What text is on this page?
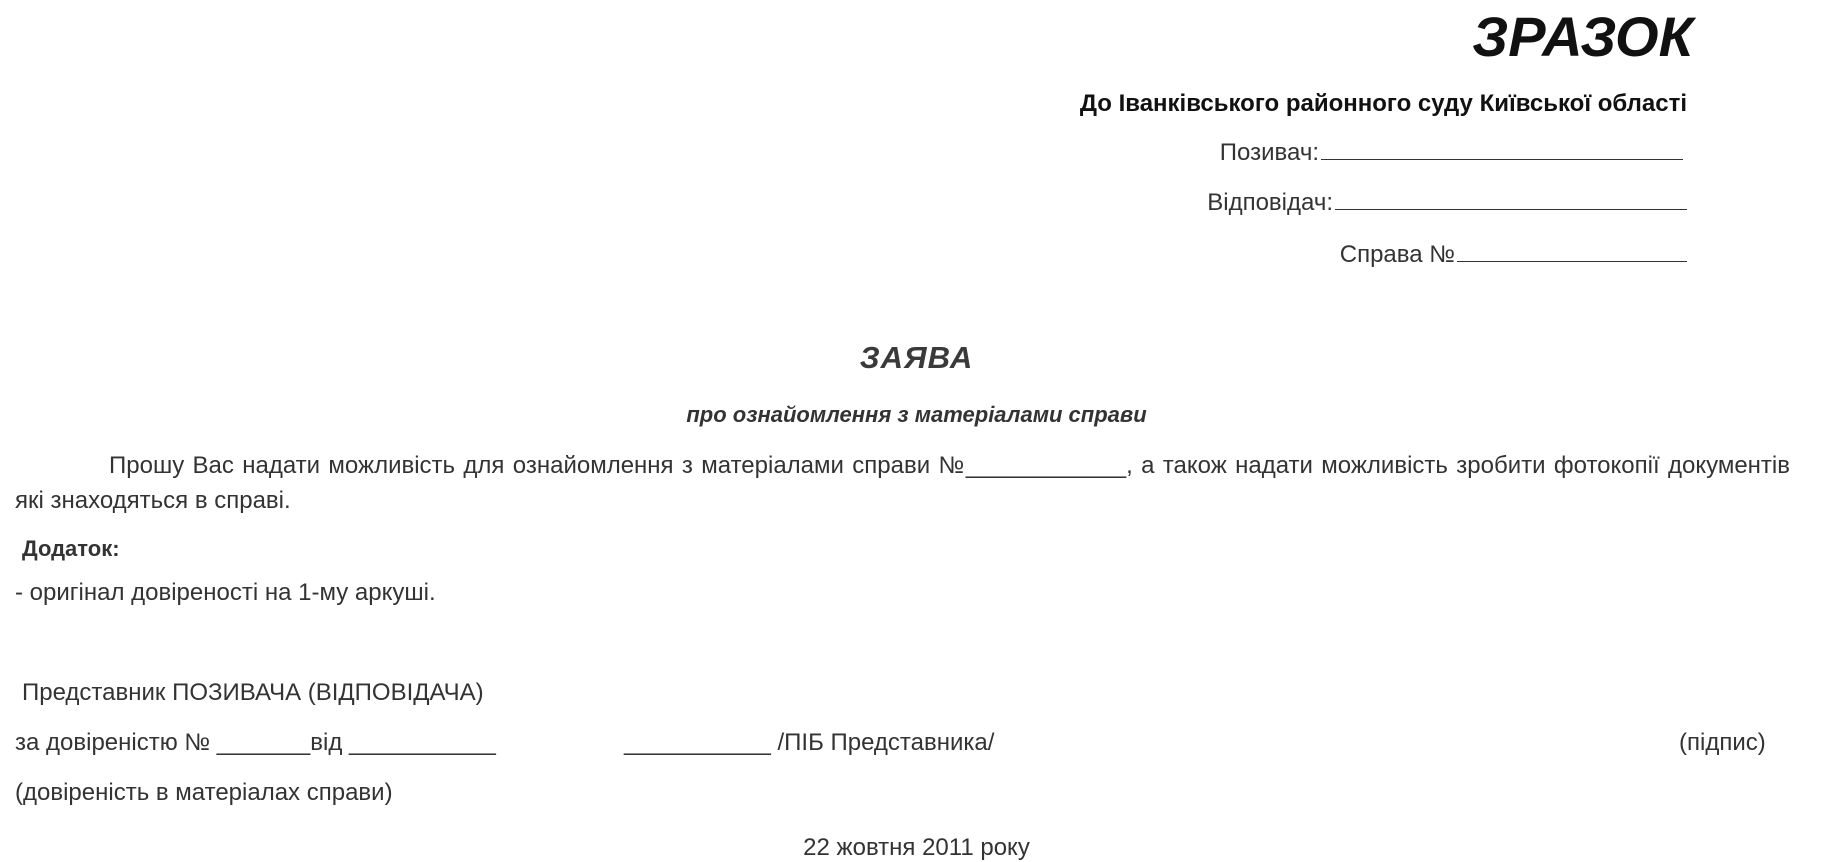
ЗРАЗОК
До Іванківського районного суду Київської області
Позивач:
Відповідач:
Справа №
ЗАЯВА
про ознайомлення з матеріалами справи
Прошу Вас надати можливість для ознайомлення з матеріалами справи №____________, а також надати можливість зробити фотокопії документів які знаходяться в справі.
Додаток:
- оригінал довіреності на 1-му аркуші.
Представник ПОЗИВАЧА (ВІДПОВІДАЧА)
за довіреністю № _______від ___________	___________ /ПІБ Представника/	(підпис)
(довіреність в матеріалах справи)
22 жовтня 2011 року
